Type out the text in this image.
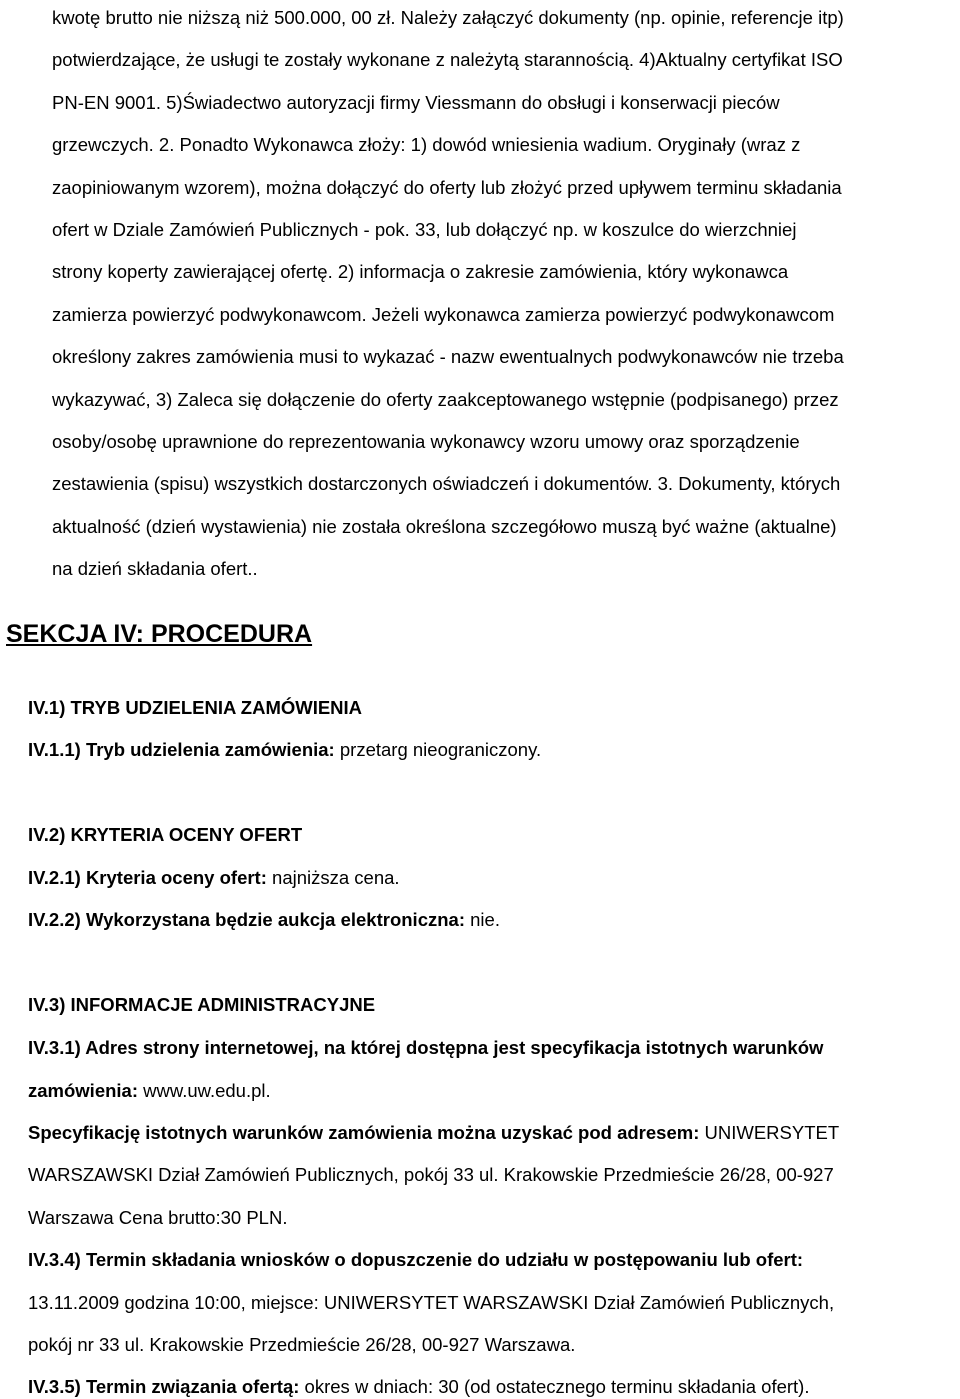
kwotę brutto nie niższą niż 500.000, 00 zł. Należy załączyć dokumenty (np. opinie, referencje itp)
potwierdzające, że usługi te zostały wykonane z należytą starannością. 4)Aktualny certyfikat ISO
PN-EN 9001. 5)Świadectwo autoryzacji firmy Viessmann do obsługi i konserwacji pieców
grzewczych. 2. Ponadto Wykonawca złoży: 1) dowód wniesienia wadium. Oryginały (wraz z
zaopiniowanym wzorem), można dołączyć do oferty lub złożyć przed upływem terminu składania
ofert w Dziale Zamówień Publicznych - pok. 33, lub dołączyć np. w koszulce do wierzchniej
strony koperty zawierającej ofertę. 2) informacja o zakresie zamówienia, który wykonawca
zamierza powierzyć podwykonawcom. Jeżeli wykonawca zamierza powierzyć podwykonawcom
określony zakres zamówienia musi to wykazać - nazw ewentualnych podwykonawców nie trzeba
wykazywać, 3) Zaleca się dołączenie do oferty zaakceptowanego wstępnie (podpisanego) przez
osoby/osobę uprawnione do reprezentowania wykonawcy wzoru umowy oraz sporządzenie
zestawienia (spisu) wszystkich dostarczonych oświadczeń i dokumentów. 3. Dokumenty, których
aktualność (dzień wystawienia) nie została określona szczegółowo muszą być ważne (aktualne)
na dzień składania ofert..
SEKCJA IV: PROCEDURA
IV.1) TRYB UDZIELENIA ZAMÓWIENIA
IV.1.1) Tryb udzielenia zamówienia: przetarg nieograniczony.
IV.2) KRYTERIA OCENY OFERT
IV.2.1) Kryteria oceny ofert: najniższa cena.
IV.2.2) Wykorzystana będzie aukcja elektroniczna: nie.
IV.3) INFORMACJE ADMINISTRACYJNE
IV.3.1) Adres strony internetowej, na której dostępna jest specyfikacja istotnych warunków
zamówienia: www.uw.edu.pl.
Specyfikację istotnych warunków zamówienia można uzyskać pod adresem: UNIWERSYTET
WARSZAWSKI Dział Zamówień Publicznych, pokój 33 ul. Krakowskie Przedmieście 26/28, 00-927
Warszawa Cena brutto:30 PLN.
IV.3.4) Termin składania wniosków o dopuszczenie do udziału w postępowaniu lub ofert:
13.11.2009 godzina 10:00, miejsce: UNIWERSYTET WARSZAWSKI Dział Zamówień Publicznych,
pokój nr 33 ul. Krakowskie Przedmieście 26/28, 00-927 Warszawa.
IV.3.5) Termin związania ofertą: okres w dniach: 30 (od ostatecznego terminu składania ofert).
